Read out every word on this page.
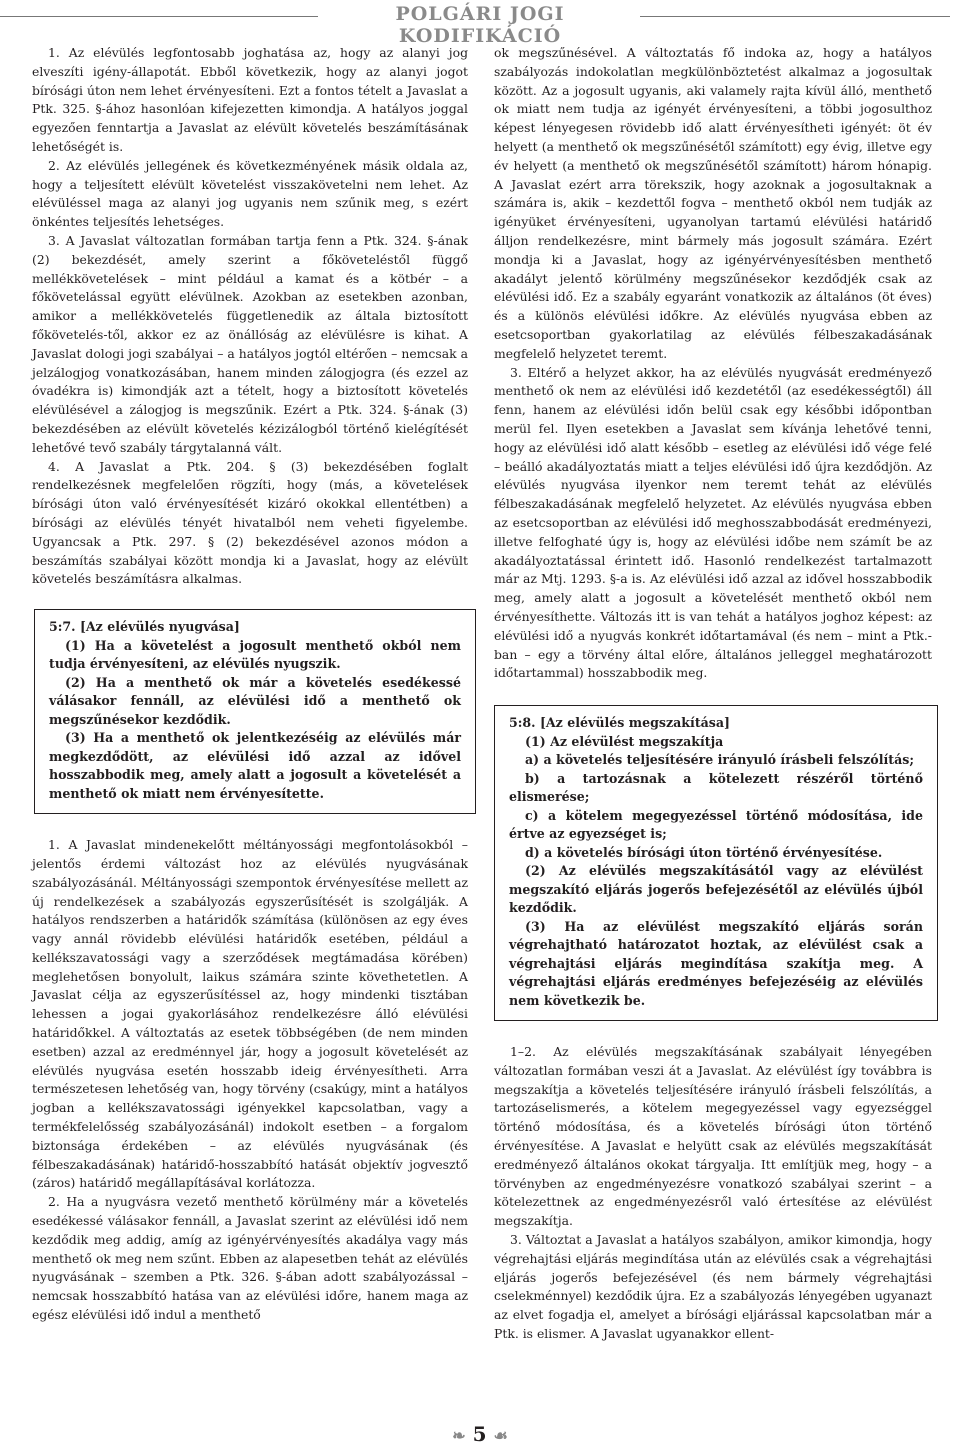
POLGÁRI JOGI KODIFIKÁCIÓ

1. Az elévülés legfontosabb joghatása az, hogy az alanyi jog elveszíti igény-állapotát. Ebből következik, hogy az alanyi jogot bírósági úton nem lehet érvényesíteni. Ezt a fontos tételt a Javaslat a Ptk. 325. §-ához hasonlóan kifejezetten kimondja. A hatályos joggal egyezően fenntartja a Javaslat az elévült követelés beszámításának lehetőségét is.

2. Az elévülés jellegének és következményének másik oldala az, hogy a teljesített elévült követelést visszakövetelni nem lehet. Az elévüléssel maga az alanyi jog ugyanis nem szűnik meg, s ezért önkéntes teljesítés lehetséges.

3. A Javaslat változatlan formában tartja fenn a Ptk. 324. §-ának (2) bekezdését, amely szerint a főköveteléstől függő mellékkövetelések – mint például a kamat és a kötbér – a főkövetelással együtt elévülnek. Azokban az esetekben azonban, amikor a mellékkövetelés függetlenedik az általa biztosított főkövetelés-től, akkor ez az önállóság az elévülésre is kihat. A Javaslat dologi jogi szabályai – a hatályos jogtól eltérően – nemcsak a jelzálogjog vonatkozásában, hanem minden zálogjogra (és ezzel az óvadékra is) kimondják azt a tételt, hogy a biztosított követelés elévülésével a zálogjog is megszűnik. Ezért a Ptk. 324. §-ának (3) bekezdésében az elévült követelés kézizálogból történő kielégítését lehetővé tevő szabály tárgytalanná vált.

4. A Javaslat a Ptk. 204. § (3) bekezdésében foglalt rendelkezésnek megfelelően rögzíti, hogy (más, a követelések bírósági úton való érvényesítését kizáró okokkal ellentétben) a bírósági az elévülés tényét hivatalból nem veheti figyelembe. Ugyancsak a Ptk. 297. § (2) bekezdésével azonos módon a beszámítás szabályai között mondja ki a Javaslat, hogy az elévült követelés beszámításra alkalmas.

5:7. [Az elévülés nyugvása]

(1) Ha a követelést a jogosult menthető okból nem tudja érvényesíteni, az elévülés nyugszik.

(2) Ha a menthető ok már a követelés esedékessé válásakor fennáll, az elévülési idő a menthető ok megszűnésekor kezdődik.

(3) Ha a menthető ok jelentkezéséig az elévülés már megkezdődött, az elévülési idő azzal az idővel hosszabbodik meg, amely alatt a jogosult a követelését a menthető ok miatt nem érvényesítette.

1. A Javaslat mindenekelőtt méltányossági megfontolásokból – jelentős érdemi változást hoz az elévülés nyugvásának szabályozásánál. Méltányossági szempontok érvényesítése mellett az új rendelkezések a szabályozás egyszerűsítését is szolgálják. A hatályos rendszerben a határidők számítása (különösen az egy éves vagy annál rövidebb elévülési határidők esetében, például a kellékszavatossági vagy a szerződések megtámadása körében) meglehetősen bonyolult, laikus számára szinte követhetetlen. A Javaslat célja az egyszerűsítéssel az, hogy mindenki tisztában lehessen a jogai gyakorlásához rendelkezésre álló elévülési határidőkkel. A változtatás az esetek többségében (de nem minden esetben) azzal az eredménnyel jár, hogy a jogosult követelését az elévülés nyugvása esetén hosszabb ideig érvényesítheti. Arra természetesen lehetőség van, hogy törvény (csakúgy, mint a hatályos jogban a kellékszavatossági igényekkel kapcsolatban, vagy a termékfelelősség szabályozásánál) indokolt esetben – a forgalom biztonsága érdekében – az elévülés nyugvásának (és félbeszakadásának) határidő-hosszabbító hatását objektív jogvesztő (záros) határidő megállapításával korlátozza.

2. Ha a nyugvásra vezető menthető körülmény már a követelés esedékessé válásakor fennáll, a Javaslat szerint az elévülési idő nem kezdődik meg addig, amíg az igényérvényesítés akadálya vagy más menthető ok meg nem szűnt. Ebben az alapesetben tehát az elévülés nyugvásának – szemben a Ptk. 326. §-ában adott szabályozással – nemcsak hosszabbító hatása van az elévülési időre, hanem maga az egész elévülési idő indul a menthető

ok megszűnésével. A változtatás fő indoka az, hogy a hatályos szabályozás indokolatlan megkülönböztetést alkalmaz a jogosultak között. Az a jogosult ugyanis, aki valamely rajta kívül álló, menthető ok miatt nem tudja az igényét érvényesíteni, a többi jogosulthoz képest lényegesen rövidebb idő alatt érvényesítheti igényét: öt év helyett (a menthető ok megszűnésétől számított) egy évig, illetve egy év helyett (a menthető ok megszűnésétől számított) három hónapig. A Javaslat ezért arra törekszik, hogy azoknak a jogosultaknak a számára is, akik – kezdettől fogva – menthető okból nem tudják az igényüket érvényesíteni, ugyanolyan tartamú elévülési határidő álljon rendelkezésre, mint bármely más jogosult számára. Ezért mondja ki a Javaslat, hogy az igényérvényesítésben menthető akadályt jelentő körülmény megszűnésekor kezdődjék csak az elévülési idő. Ez a szabály egyaránt vonatkozik az általános (öt éves) és a különös elévülési időkre. Az elévülés nyugvása ebben az esetcsoportban gyakorlatilag az elévülés félbeszakadásának megfelelő helyzetet teremt.

3. Eltérő a helyzet akkor, ha az elévülés nyugvását eredményező menthető ok nem az elévülési idő kezdetétől (az esedékességtől) áll fenn, hanem az elévülési időn belül csak egy későbbi időpontban merül fel. Ilyen esetekben a Javaslat sem kívánja lehetővé tenni, hogy az elévülési idő alatt később – esetleg az elévülési idő vége felé – beálló akadályoztatás miatt a teljes elévülési idő újra kezdődjön. Az elévülés nyugvása ilyenkor nem teremt tehát az elévülés félbeszakadásának megfelelő helyzetet. Az elévülés nyugvása ebben az esetcsoportban az elévülési idő meghosszabbodását eredményezi, illetve felfoghaté úgy is, hogy az elévülési időbe nem számít be az akadályoztatással érintett idő. Hasonló rendelkezést tartalmazott már az Mtj. 1293. §-a is. Az elévülési idő azzal az idővel hosszabbodik meg, amely alatt a jogosult a követelését menthető okból nem érvényesíthette. Változás itt is van tehát a hatályos joghoz képest: az elévülési idő a nyugvás konkrét időtartamával (és nem – mint a Ptk.-ban – egy a törvény által előre, általános jelleggel meghatározott időtartammal) hosszabbodik meg.

5:8. [Az elévülés megszakítása]

(1) Az elévülést megszakítja

a) a követelés teljesítésére irányuló írásbeli felszólítás;

b) a tartozásnak a kötelezett részéről történő elismerése;

c) a kötelem megegyezéssel történő módosítása, ide értve az egyezséget is;

d) a követelés bírósági úton történő érvényesítése.

(2) Az elévülés megszakításától vagy az elévülést megszakító eljárás jogerős befejezésétől az elévülés újból kezdődik.

(3) Ha az elévülést megszakító eljárás során végrehajtható határozatot hoztak, az elévülést csak a végrehajtási eljárás megindítása szakítja meg. A végrehajtási eljárás eredményes befejezéséig az elévülés nem következik be.

1–2. Az elévülés megszakításának szabályait lényegében változatlan formában veszi át a Javaslat. Az elévülést így továbbra is megszakítja a követelés teljesítésére irányuló írásbeli felszólítás, a tartozáselismerés, a kötelem megegyezéssel vagy egyezséggel történő módosítása, és a követelés bírósági úton történő érvényesítése. A Javaslat e helyütt csak az elévülés megszakítását eredményező általános okokat tárgyalja. Itt említjük meg, hogy – a törvényben az engedményezésre vonatkozó szabályai szerint – a kötelezettnek az engedményezésről való értesítése az elévülést megszakítja.

3. Változtat a Javaslat a hatályos szabályon, amikor kimondja, hogy végrehajtási eljárás megindítása után az elévülés csak a végrehajtási eljárás jogerős befejezésével (és nem bármely végrehajtási cselekménnyel) kezdődik újra. Ez a szabályozás lényegében ugyanazt az elvet fogadja el, amelyet a bírósági eljárással kapcsolatban már a Ptk. is elismer. A Javaslat ugyanakkor ellent-

❧ 5 ☙
